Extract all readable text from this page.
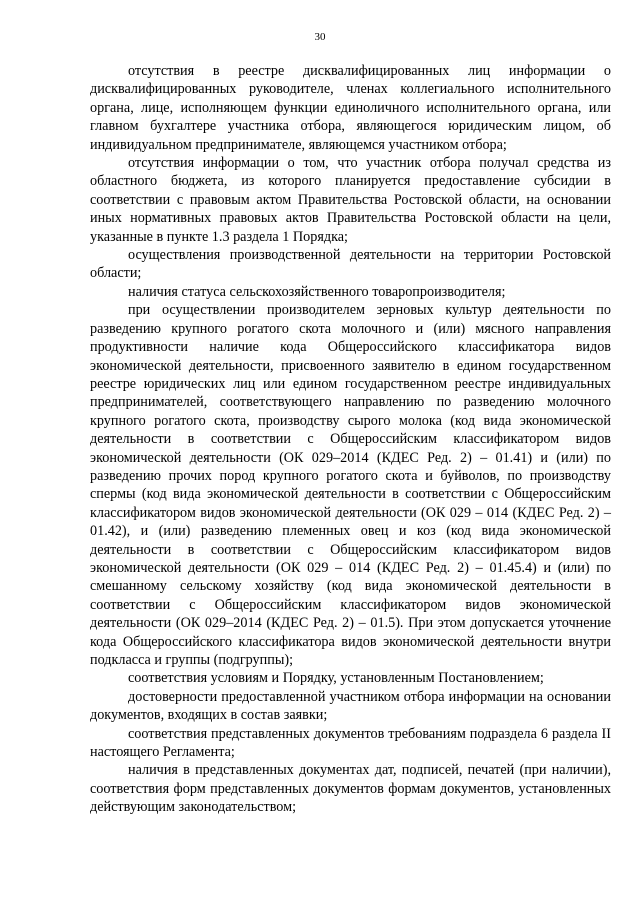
30

отсутствия в реестре дисквалифицированных лиц информации о дисквалифицированных руководителе, членах коллегиального исполнительного органа, лице, исполняющем функции единоличного исполнительного органа, или главном бухгалтере участника отбора, являющегося юридическим лицом, об индивидуальном предпринимателе, являющемся участником отбора;

отсутствия информации о том, что участник отбора получал средства из областного бюджета, из которого планируется предоставление субсидии в соответствии с правовым актом Правительства Ростовской области, на основании иных нормативных правовых актов Правительства Ростовской области на цели, указанные в пункте 1.3 раздела 1 Порядка;

осуществления производственной деятельности на территории Ростовской области;

наличия статуса сельскохозяйственного товаропроизводителя;

при осуществлении производителем зерновых культур деятельности по разведению крупного рогатого скота молочного и (или) мясного направления продуктивности наличие кода Общероссийского классификатора видов экономической деятельности, присвоенного заявителю в едином государственном реестре юридических лиц или едином государственном реестре индивидуальных предпринимателей, соответствующего направлению по разведению молочного крупного рогатого скота, производству сырого молока (код вида экономической деятельности в соответствии с Общероссийским классификатором видов экономической деятельности (ОК 029–2014 (КДЕС Ред. 2) – 01.41) и (или) по разведению прочих пород крупного рогатого скота и буйволов, по производству спермы (код вида экономической деятельности в соответствии с Общероссийским классификатором видов экономической деятельности (ОК 029 – 014 (КДЕС Ред. 2) – 01.42), и (или) разведению племенных овец и коз (код вида экономической деятельности в соответствии с Общероссийским классификатором видов экономической деятельности (ОК 029 – 014 (КДЕС Ред. 2) – 01.45.4) и (или) по смешанному сельскому хозяйству (код вида экономической деятельности в соответствии с Общероссийским классификатором видов экономической деятельности (ОК 029–2014 (КДЕС Ред. 2) – 01.5). При этом допускается уточнение кода Общероссийского классификатора видов экономической деятельности внутри подкласса и группы (подгруппы);

соответствия условиям и Порядку, установленным Постановлением;

достоверности предоставленной участником отбора информации на основании документов, входящих в состав заявки;

соответствия представленных документов требованиям подраздела 6 раздела II настоящего Регламента;

наличия в представленных документах дат, подписей, печатей (при наличии), соответствия форм представленных документов формам документов, установленных действующим законодательством;
